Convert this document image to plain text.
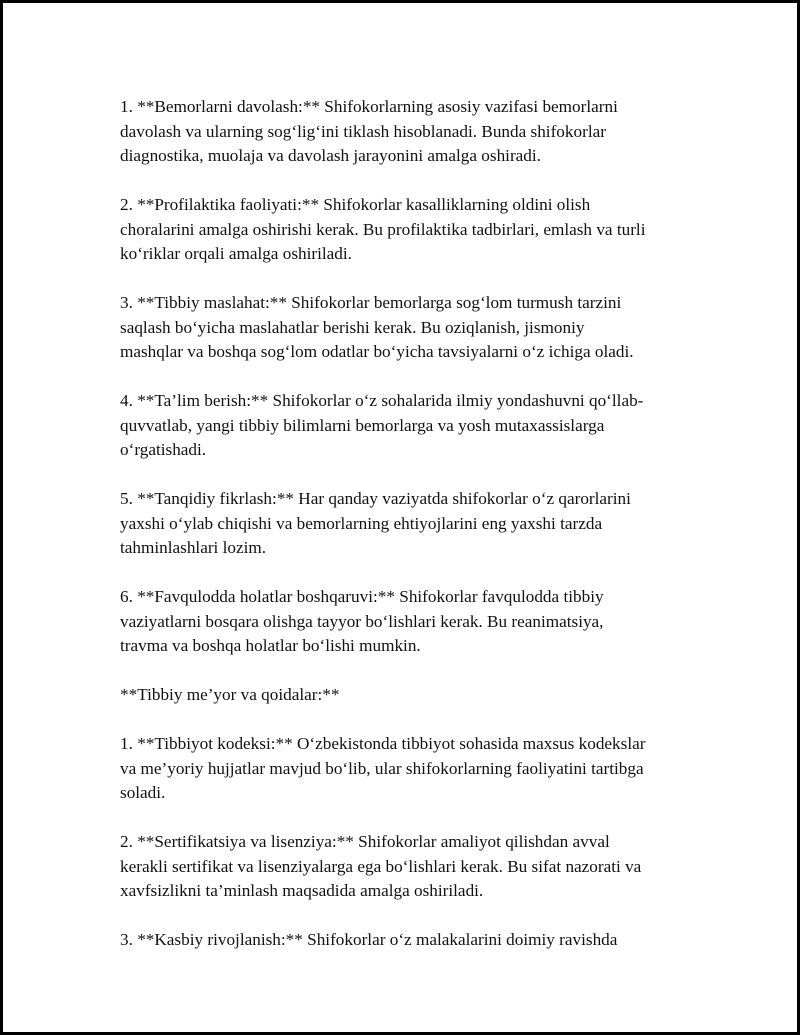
1. **Bemorlarni davolash:** Shifokorlarning asosiy vazifasi bemorlarni
davolash va ularning sog‘lig‘ini tiklash hisoblanadi. Bunda shifokorlar
diagnostika, muolaja va davolash jarayonini amalga oshiradi.

2. **Profilaktika faoliyati:** Shifokorlar kasalliklarning oldini olish
choralarini amalga oshirishi kerak. Bu profilaktika tadbirlari, emlash va turli
ko‘riklar orqali amalga oshiriladi.

3. **Tibbiy maslahat:** Shifokorlar bemorlarga sog‘lom turmush tarzini
saqlash bo‘yicha maslahatlar berishi kerak. Bu oziqlanish, jismoniy
mashqlar va boshqa sog‘lom odatlar bo‘yicha tavsiyalarni o‘z ichiga oladi.

4. **Ta’lim berish:** Shifokorlar o‘z sohalarida ilmiy yondashuvni qo‘llab-
quvvatlab, yangi tibbiy bilimlarni bemorlarga va yosh mutaxassislarga
o‘rgatishadi.

5. **Tanqidiy fikrlash:** Har qanday vaziyatda shifokorlar o‘z qarorlarini
yaxshi o‘ylab chiqishi va bemorlarning ehtiyojlarini eng yaxshi tarzda
tahminlashlari lozim.

6. **Favqulodda holatlar boshqaruvi:** Shifokorlar favqulodda tibbiy
vaziyatlarni bosqara olishga tayyor bo‘lishlari kerak. Bu reanimatsiya,
travma va boshqa holatlar bo‘lishi mumkin.

**Tibbiy me’yor va qoidalar:**

1. **Tibbiyot kodeksi:** O‘zbekistonda tibbiyot sohasida maxsus kodekslar
va me’yoriy hujjatlar mavjud bo‘lib, ular shifokorlarning faoliyatini tartibga
soladi.

2. **Sertifikatsiya va lisenziya:** Shifokorlar amaliyot qilishdan avval
kerakli sertifikat va lisenziyalarga ega bo‘lishlari kerak. Bu sifat nazorati va
xavfsizlikni ta’minlash maqsadida amalga oshiriladi.

3. **Kasbiy rivojlanish:** Shifokorlar o‘z malakalarini doimiy ravishda
